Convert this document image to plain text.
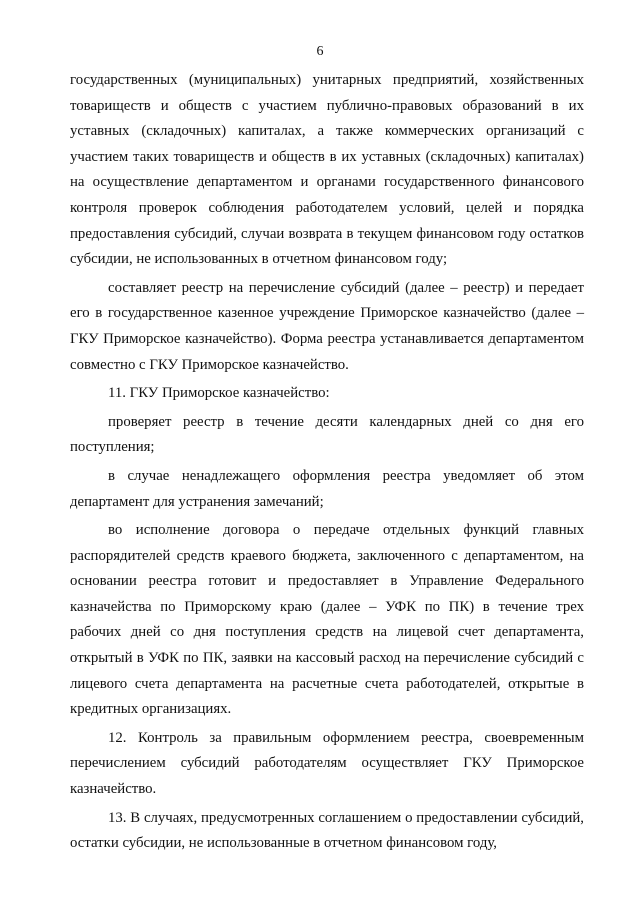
6

государственных (муниципальных) унитарных предприятий, хозяйственных товариществ и обществ с участием публично-правовых образований в их уставных (складочных) капиталах, а также коммерческих организаций с участием таких товариществ и обществ в их уставных (складочных) капиталах) на осуществление департаментом и органами государственного финансового контроля проверок соблюдения работодателем условий, целей и порядка предоставления субсидий, случаи возврата в текущем финансовом году остатков субсидии, не использованных в отчетном финансовом году;

составляет реестр на перечисление субсидий (далее – реестр) и передает его в государственное казенное учреждение Приморское казначейство (далее – ГКУ Приморское казначейство). Форма реестра устанавливается департаментом совместно с ГКУ Приморское казначейство.

11. ГКУ Приморское казначейство:

проверяет реестр в течение десяти календарных дней со дня его поступления;

в случае ненадлежащего оформления реестра уведомляет об этом департамент для устранения замечаний;

во исполнение договора о передаче отдельных функций главных распорядителей средств краевого бюджета, заключенного с департаментом, на основании реестра готовит и предоставляет в Управление Федерального казначейства по Приморскому краю (далее – УФК по ПК) в течение трех рабочих дней со дня поступления средств на лицевой счет департамента, открытый в УФК по ПК, заявки на кассовый расход на перечисление субсидий с лицевого счета департамента на расчетные счета работодателей, открытые в кредитных организациях.

12. Контроль за правильным оформлением реестра, своевременным перечислением субсидий работодателям осуществляет ГКУ Приморское казначейство.

13. В случаях, предусмотренных соглашением о предоставлении субсидий, остатки субсидии, не использованные в отчетном финансовом году,
